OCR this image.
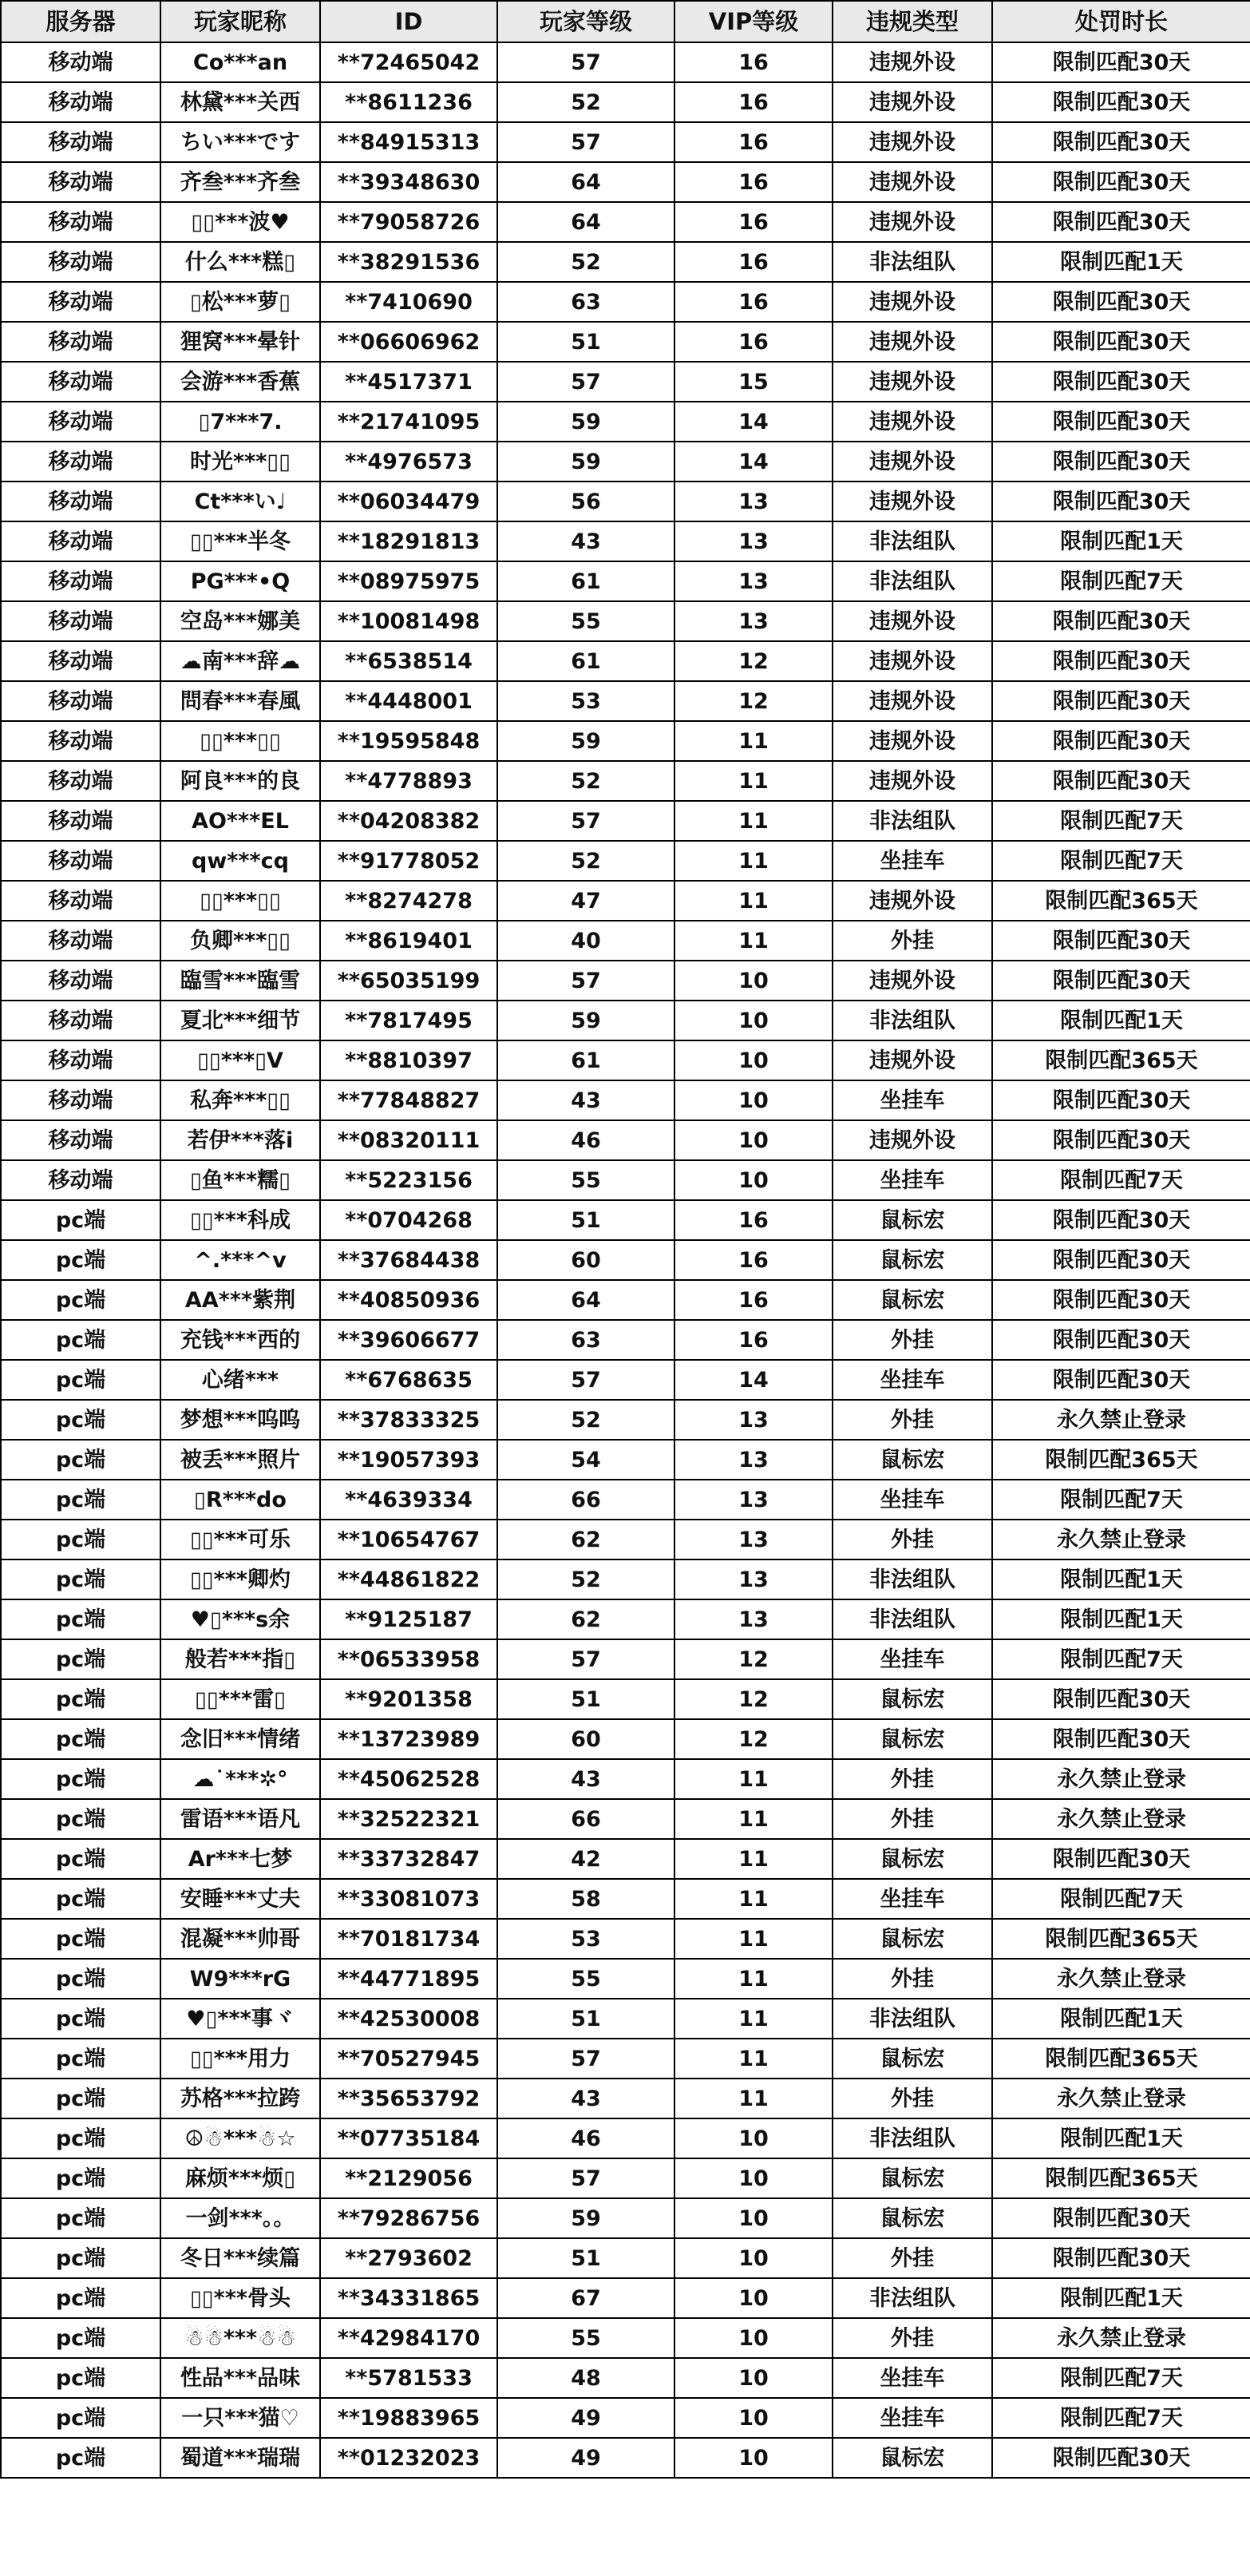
服务器	玩家昵称	ID	玩家等级	VIP等级	违规类型	处罚时长
移动端	Co***an	**72465042	57	16	违规外设	限制匹配30天
移动端	林黛***关西	**8611236	52	16	违规外设	限制匹配30天
移动端	ちい***です	**84915313	57	16	违规外设	限制匹配30天
移动端	齐叁***齐叁	**39348630	64	16	违规外设	限制匹配30天
移动端	▯▯***波♥	**79058726	64	16	违规外设	限制匹配30天
移动端	什么***糕▯	**38291536	52	16	非法组队	限制匹配1天
移动端	▯松***萝▯	**7410690	63	16	违规外设	限制匹配30天
移动端	狸窝***晕针	**06606962	51	16	违规外设	限制匹配30天
移动端	会游***香蕉	**4517371	57	15	违规外设	限制匹配30天
移动端	▯7***7.	**21741095	59	14	违规外设	限制匹配30天
移动端	时光***▯▯	**4976573	59	14	违规外设	限制匹配30天
移动端	Ct***い♩	**06034479	56	13	违规外设	限制匹配30天
移动端	▯▯***半冬	**18291813	43	13	非法组队	限制匹配1天
移动端	PG***•Q	**08975975	61	13	非法组队	限制匹配7天
移动端	空岛***娜美	**10081498	55	13	违规外设	限制匹配30天
移动端	☁南***辞☁	**6538514	61	12	违规外设	限制匹配30天
移动端	問春***春風	**4448001	53	12	违规外设	限制匹配30天
移动端	▯▯***▯▯	**19595848	59	11	违规外设	限制匹配30天
移动端	阿良***的良	**4778893	52	11	违规外设	限制匹配30天
移动端	AO***EL	**04208382	57	11	非法组队	限制匹配7天
移动端	qw***cq	**91778052	52	11	坐挂车	限制匹配7天
移动端	▯▯***▯▯	**8274278	47	11	违规外设	限制匹配365天
移动端	负卿***▯▯	**8619401	40	11	外挂	限制匹配30天
移动端	臨雪***臨雪	**65035199	57	10	违规外设	限制匹配30天
移动端	夏北***细节	**7817495	59	10	非法组队	限制匹配1天
移动端	▯▯***▯V	**8810397	61	10	违规外设	限制匹配365天
移动端	私奔***▯▯	**77848827	43	10	坐挂车	限制匹配30天
移动端	若伊***落i	**08320111	46	10	违规外设	限制匹配30天
移动端	▯鱼***糯▯	**5223156	55	10	坐挂车	限制匹配7天
pc端	▯▯***科成	**0704268	51	16	鼠标宏	限制匹配30天
pc端	^.***^v	**37684438	60	16	鼠标宏	限制匹配30天
pc端	AA***紫荆	**40850936	64	16	鼠标宏	限制匹配30天
pc端	充钱***西的	**39606677	63	16	外挂	限制匹配30天
pc端	心绪***	**6768635	57	14	坐挂车	限制匹配30天
pc端	梦想***呜呜	**37833325	52	13	外挂	永久禁止登录
pc端	被丢***照片	**19057393	54	13	鼠标宏	限制匹配365天
pc端	▯R***do	**4639334	66	13	坐挂车	限制匹配7天
pc端	▯▯***可乐	**10654767	62	13	外挂	永久禁止登录
pc端	▯▯***卿灼	**44861822	52	13	非法组队	限制匹配1天
pc端	♥▯***s余	**9125187	62	13	非法组队	限制匹配1天
pc端	般若***指▯	**06533958	57	12	坐挂车	限制匹配7天
pc端	▯▯***雷▯	**9201358	51	12	鼠标宏	限制匹配30天
pc端	念旧***情绪	**13723989	60	12	鼠标宏	限制匹配30天
pc端	☁˙***✲°	**45062528	43	11	外挂	永久禁止登录
pc端	雷语***语凡	**32522321	66	11	外挂	永久禁止登录
pc端	Ar***七梦	**33732847	42	11	鼠标宏	限制匹配30天
pc端	安睡***丈夫	**33081073	58	11	坐挂车	限制匹配7天
pc端	混凝***帅哥	**70181734	53	11	鼠标宏	限制匹配365天
pc端	W9***rG	**44771895	55	11	外挂	永久禁止登录
pc端	♥▯***事ヾ	**42530008	51	11	非法组队	限制匹配1天
pc端	▯▯***用力	**70527945	57	11	鼠标宏	限制匹配365天
pc端	苏格***拉跨	**35653792	43	11	外挂	永久禁止登录
pc端	☮☃***☃☆	**07735184	46	10	非法组队	限制匹配1天
pc端	麻烦***烦▯	**2129056	57	10	鼠标宏	限制匹配365天
pc端	一剑***。。	**79286756	59	10	鼠标宏	限制匹配30天
pc端	冬日***续篇	**2793602	51	10	外挂	限制匹配30天
pc端	▯▯***骨头	**34331865	67	10	非法组队	限制匹配1天
pc端	☃☃***☃☃	**42984170	55	10	外挂	永久禁止登录
pc端	性品***品味	**5781533	48	10	坐挂车	限制匹配7天
pc端	一只***猫♡	**19883965	49	10	坐挂车	限制匹配7天
pc端	蜀道***瑞瑞	**01232023	49	10	鼠标宏	限制匹配30天
